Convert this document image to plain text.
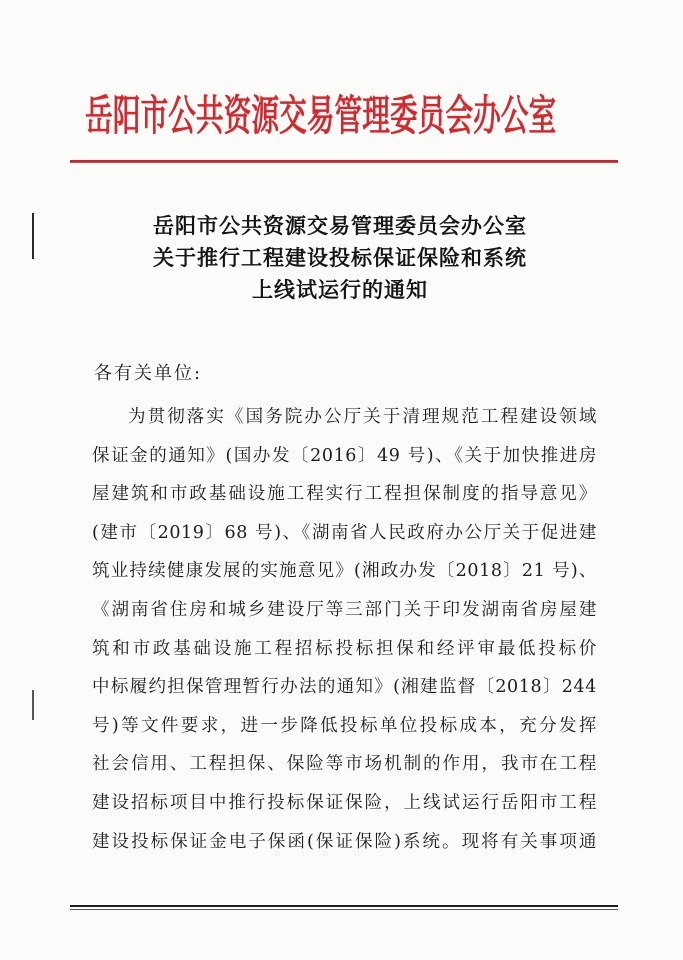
岳阳市公共资源交易管理委员会办公室
岳阳市公共资源交易管理委员会办公室
关于推行工程建设投标保证保险和系统
上线试运行的通知
各有关单位:
为贯彻落实《国务院办公厅关于清理规范工程建设领域
保证金的通知》(国办发〔2016〕49 号)、《关于加快推进房
屋建筑和市政基础设施工程实行工程担保制度的指导意见》
(建市〔2019〕68 号)、《湖南省人民政府办公厅关于促进建
筑业持续健康发展的实施意见》(湘政办发〔2018〕21 号)、
《湖南省住房和城乡建设厅等三部门关于印发湖南省房屋建
筑和市政基础设施工程招标投标担保和经评审最低投标价
中标履约担保管理暂行办法的通知》(湘建监督〔2018〕244
号)等文件要求，进一步降低投标单位投标成本，充分发挥
社会信用、工程担保、保险等市场机制的作用，我市在工程
建设招标项目中推行投标保证保险，上线试运行岳阳市工程
建设投标保证金电子保函(保证保险)系统。现将有关事项通
